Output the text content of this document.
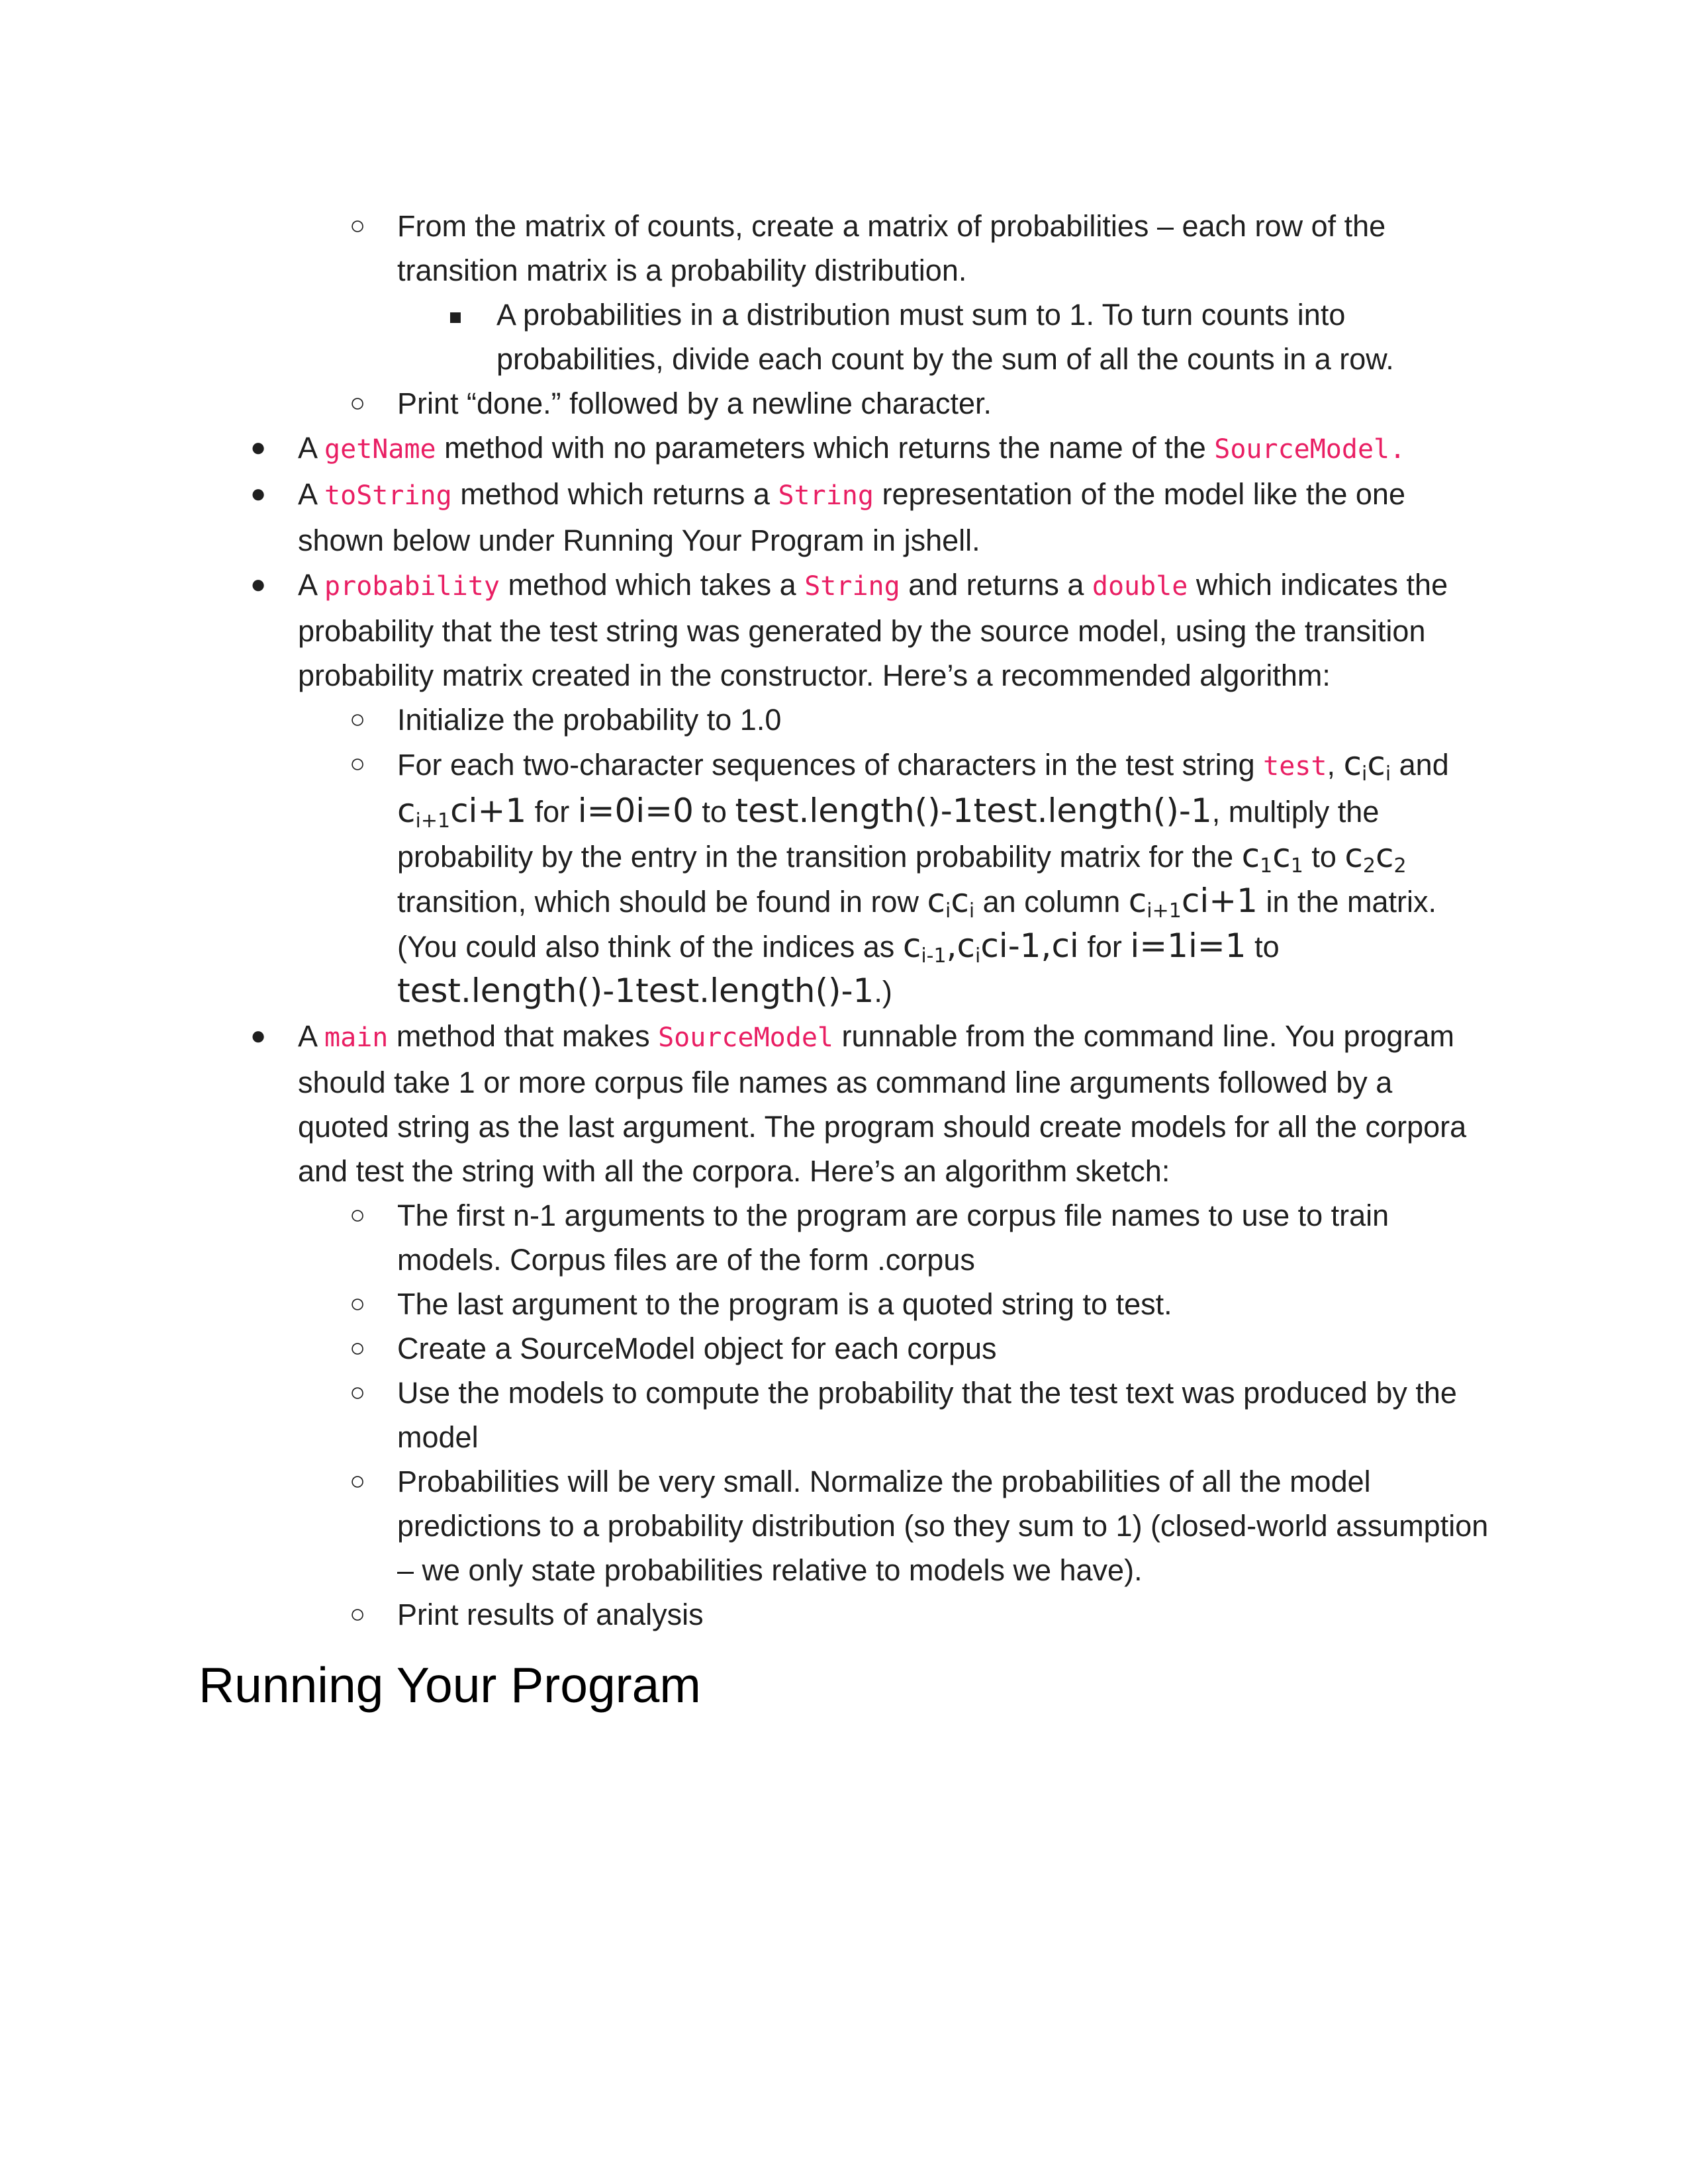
○ From the matrix of counts, create a matrix of probabilities – each row of the transition matrix is a probability distribution.
■ A probabilities in a distribution must sum to 1. To turn counts into probabilities, divide each count by the sum of all the counts in a row.
○ Print “done.” followed by a newline character.
● A getName method with no parameters which returns the name of the SourceModel.
● A toString method which returns a String representation of the model like the one shown below under Running Your Program in jshell.
● A probability method which takes a String and returns a double which indicates the probability that the test string was generated by the source model, using the transition probability matrix created in the constructor. Here’s a recommended algorithm:
○ Initialize the probability to 1.0
○ For each two-character sequences of characters in the test string test, $c_ic_i$ and $c_{i+1}ci+1$ for i=0i=0 to test.length()-1test.length()-1, multiply the probability by the entry in the transition probability matrix for the $c_1c_1$ to $c_2c_2$ transition, which should be found in row $c_ic_i$ an column $c_{i+1}ci+1$ in the matrix. (You could also think of the indices as $c_{i-1},c_ici-1,ci$ for i=1i=1 to test.length()-1test.length()-1.)
● A main method that makes SourceModel runnable from the command line. You program should take 1 or more corpus file names as command line arguments followed by a quoted string as the last argument. The program should create models for all the corpora and test the string with all the corpora. Here’s an algorithm sketch:
○ The first n-1 arguments to the program are corpus file names to use to train models. Corpus files are of the form .corpus
○ The last argument to the program is a quoted string to test.
○ Create a SourceModel object for each corpus
○ Use the models to compute the probability that the test text was produced by the model
○ Probabilities will be very small. Normalize the probabilities of all the model predictions to a probability distribution (so they sum to 1) (closed-world assumption – we only state probabilities relative to models we have).
○ Print results of analysis
Running Your Program
